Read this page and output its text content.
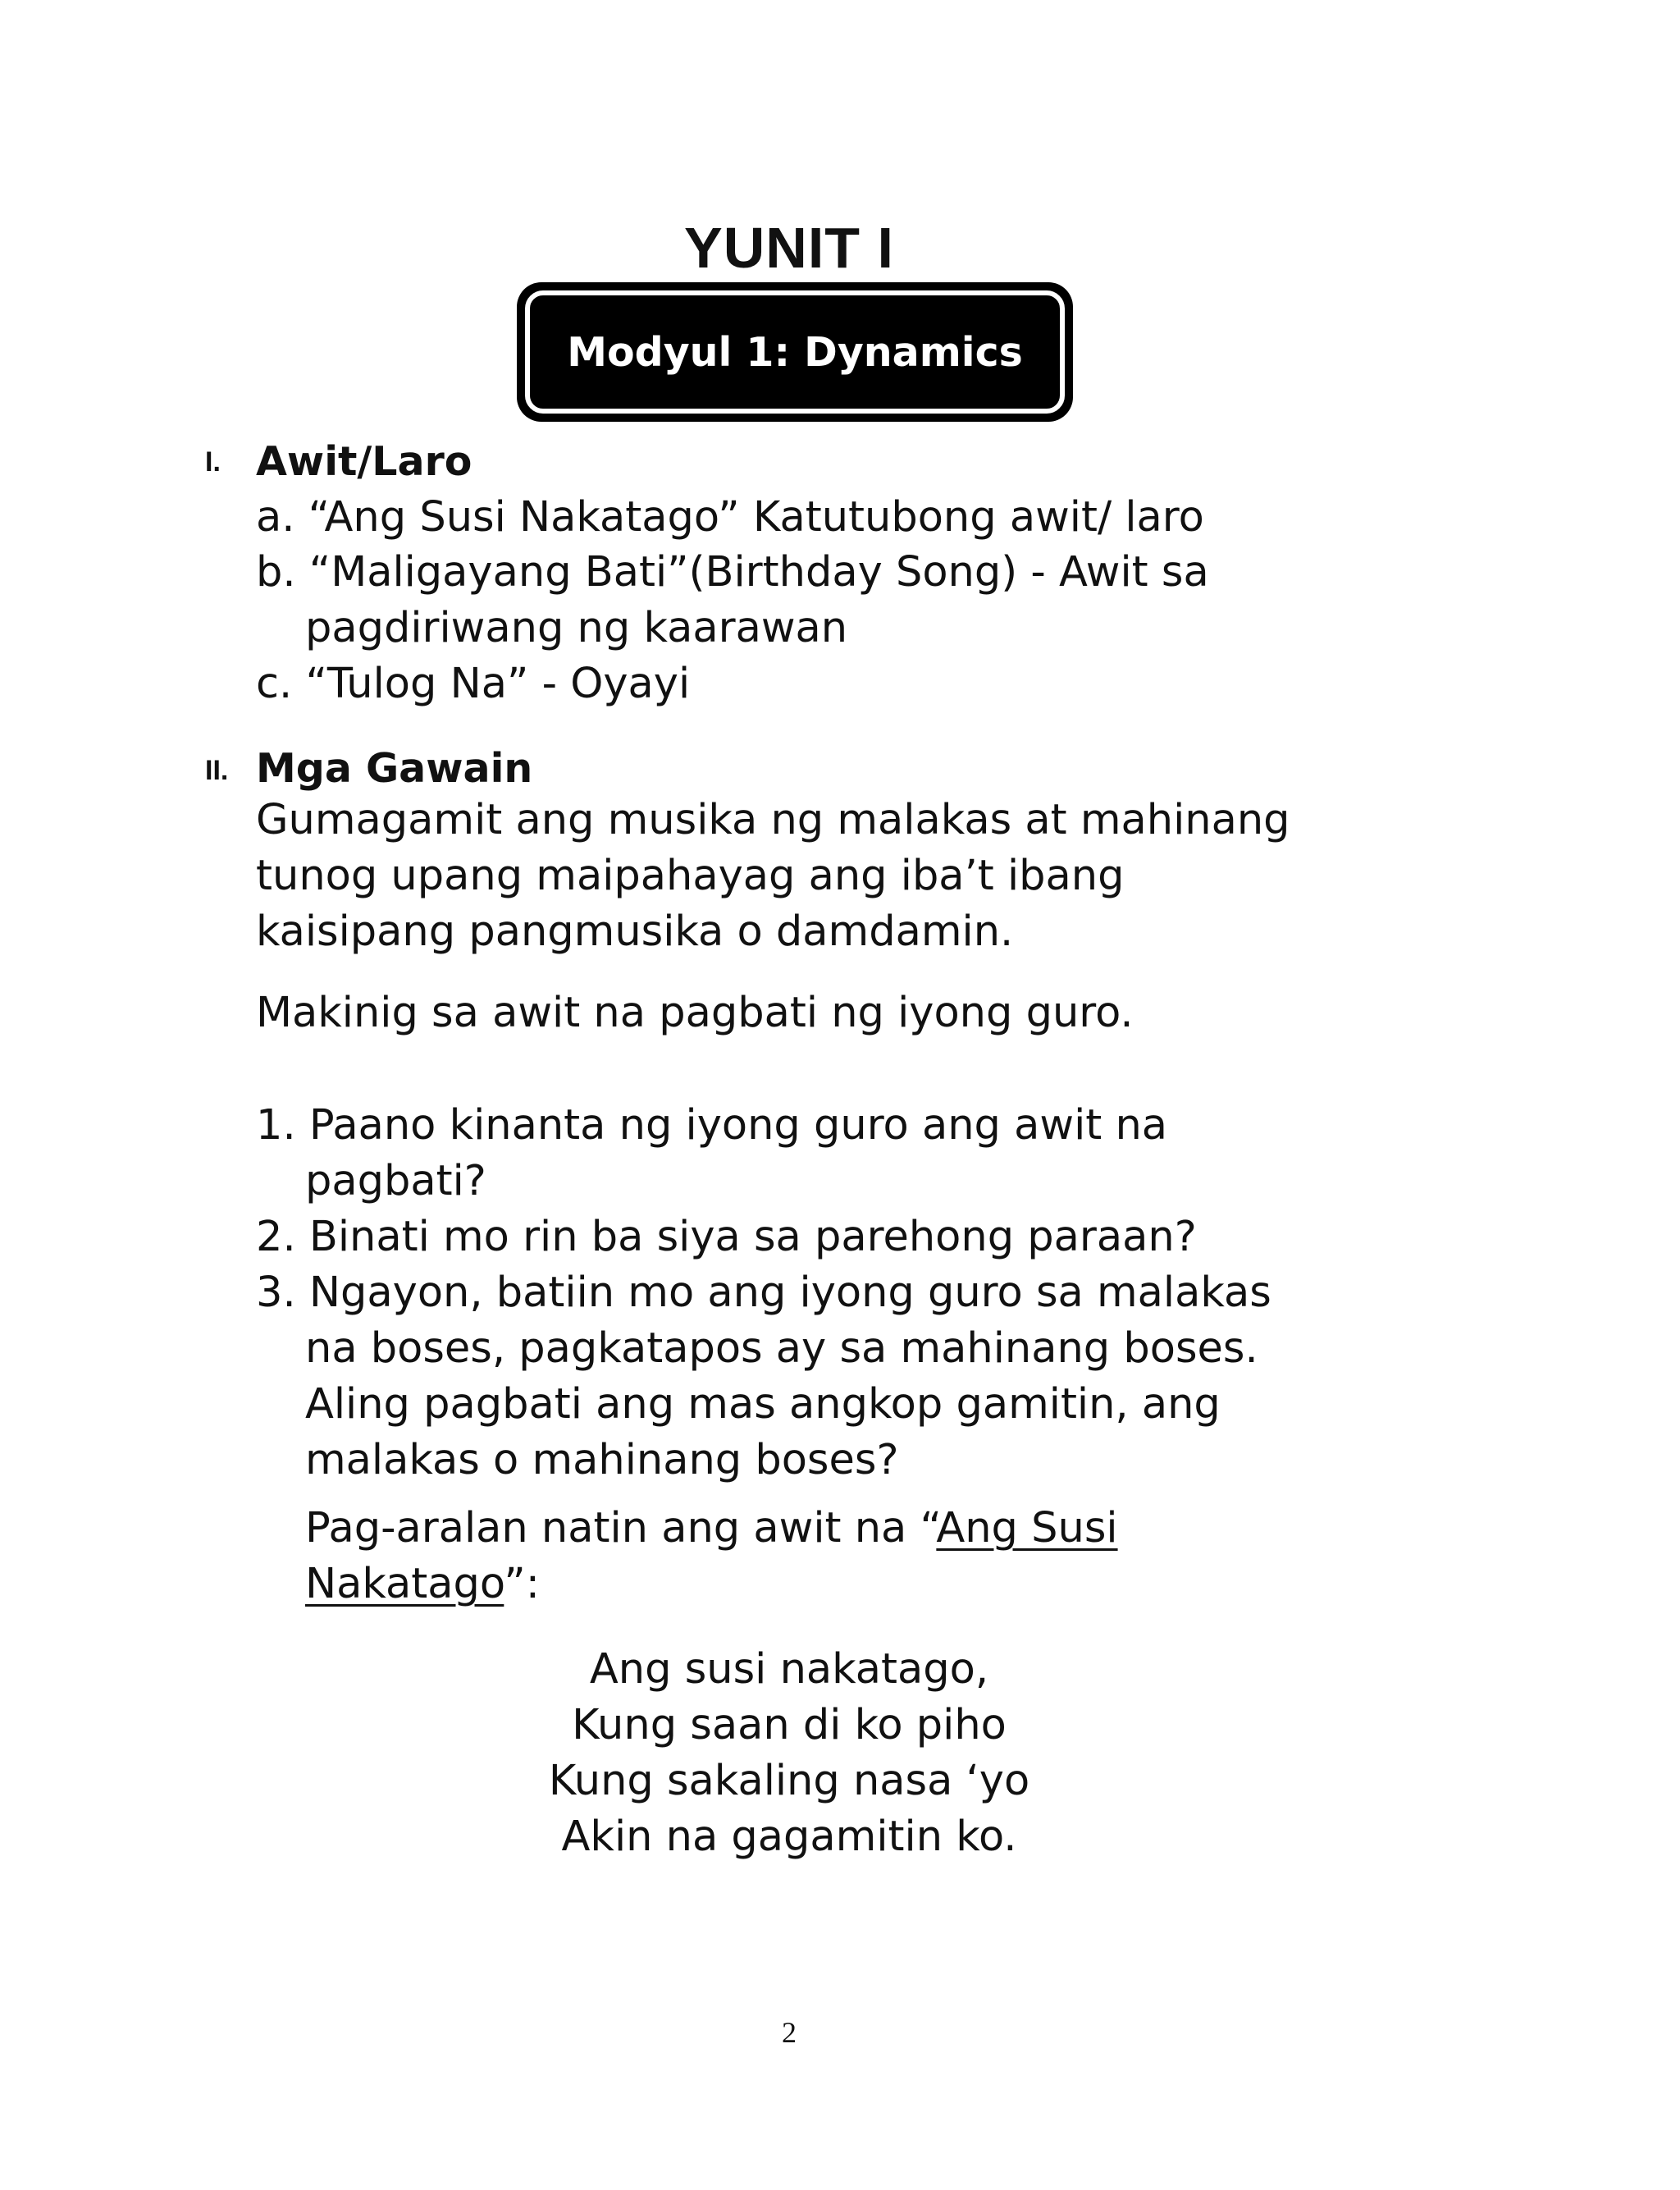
YUNIT I
Modyul 1: Dynamics
I. Awit/Laro
a. “Ang Susi Nakatago” Katutubong awit/ laro
b. “Maligayang Bati”(Birthday Song) - Awit sa
pagdiriwang ng kaarawan
c. “Tulog Na” - Oyayi
II. Mga Gawain
Gumagamit ang musika ng malakas at mahinang
tunog upang maipahayag ang iba’t ibang
kaisipang pangmusika o damdamin.
Makinig sa awit na pagbati ng iyong guro.
1. Paano kinanta ng iyong guro ang awit na
pagbati?
2. Binati mo rin ba siya sa parehong paraan?
3. Ngayon, batiin mo ang iyong guro sa malakas
na boses, pagkatapos ay sa mahinang boses.
Aling pagbati ang mas angkop gamitin, ang
malakas o mahinang boses?
Pag-aralan natin ang awit na “Ang Susi
Nakatago”:
Ang susi nakatago,
Kung saan di ko piho
Kung sakaling nasa ‘yo
Akin na gagamitin ko.
2
